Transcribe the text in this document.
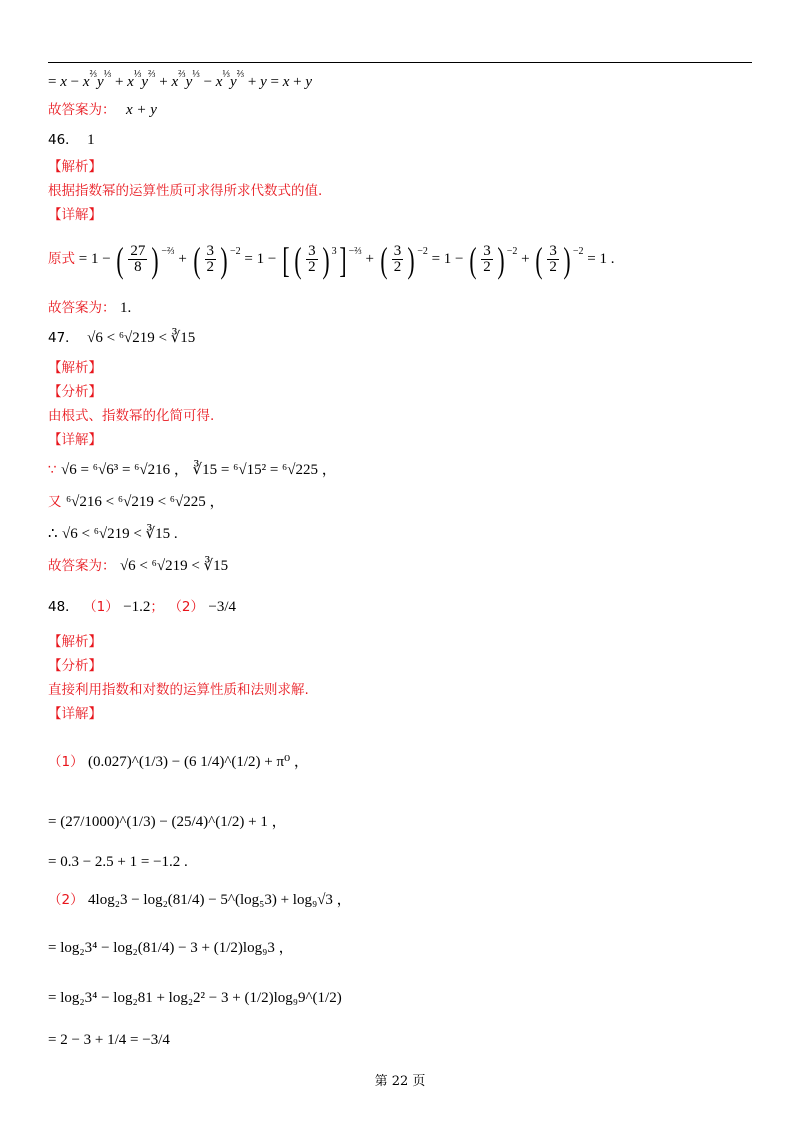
= $x - x^{\frac{2}{3}}y^{\frac{1}{3}} + x^{\frac{1}{3}}y^{\frac{2}{3}} + x^{\frac{2}{3}}y^{\frac{1}{3}} - x^{\frac{1}{3}}y^{\frac{2}{3}} + y = x + y$
故答案为： x + y
46． 1
【解析】
根据指数幂的运算性质可求得所求代数式的值.
【详解】
原式 = 1 − ( $\frac{27}{8}$ ) $^{-\frac{2}{3}}$ + ( $\frac{3}{2}$ ) $^{-2}$ = 1 − [ ( $\frac{3}{2}$ ) $^3$] $^{-\frac{2}{3}}$ + ( $\frac{3}{2}$ ) $^{-2}$ = 1 − ( $\frac{3}{2}$ ) $^{-2}$ + ( $\frac{3}{2}$ ) $^{-2}$ = 1 .
故答案为： 1.
47． √6 < ⁶√219 < ∛15
【解析】
【分析】
由根式、指数幂的化简可得.
【详解】
∵ √6 = ⁶√6³ = ⁶√216 ， ∛15 = ⁶√15² = ⁶√225 ，
又 ⁶√216 < ⁶√219 < ⁶√225 ，
∴ √6 < ⁶√219 < ∛15 .
故答案为： √6 < ⁶√219 < ∛15
48． （1） −1.2； （2） −3/4
【解析】
【分析】
直接利用指数和对数的运算性质和法则求解.
【详解】
（1） (0.027)^(1/3) − (6 1/4)^(1/2) + π⁰ ，
= (27/1000)^(1/3) − (25/4)^(1/2) + 1 ，
= 0.3 − 2.5 + 1 = −1.2 .
（2） 4log₂3 − log₂(81/4) − 5^(log₅3) + log₉√3 ，
= log₂3⁴ − log₂(81/4) − 3 + (1/2)log₉3 ，
= log₂3⁴ − log₂81 + log₂2² − 3 + (1/2)log₉9^(1/2)
= 2 − 3 + 1/4 = −3/4
第 22 页
